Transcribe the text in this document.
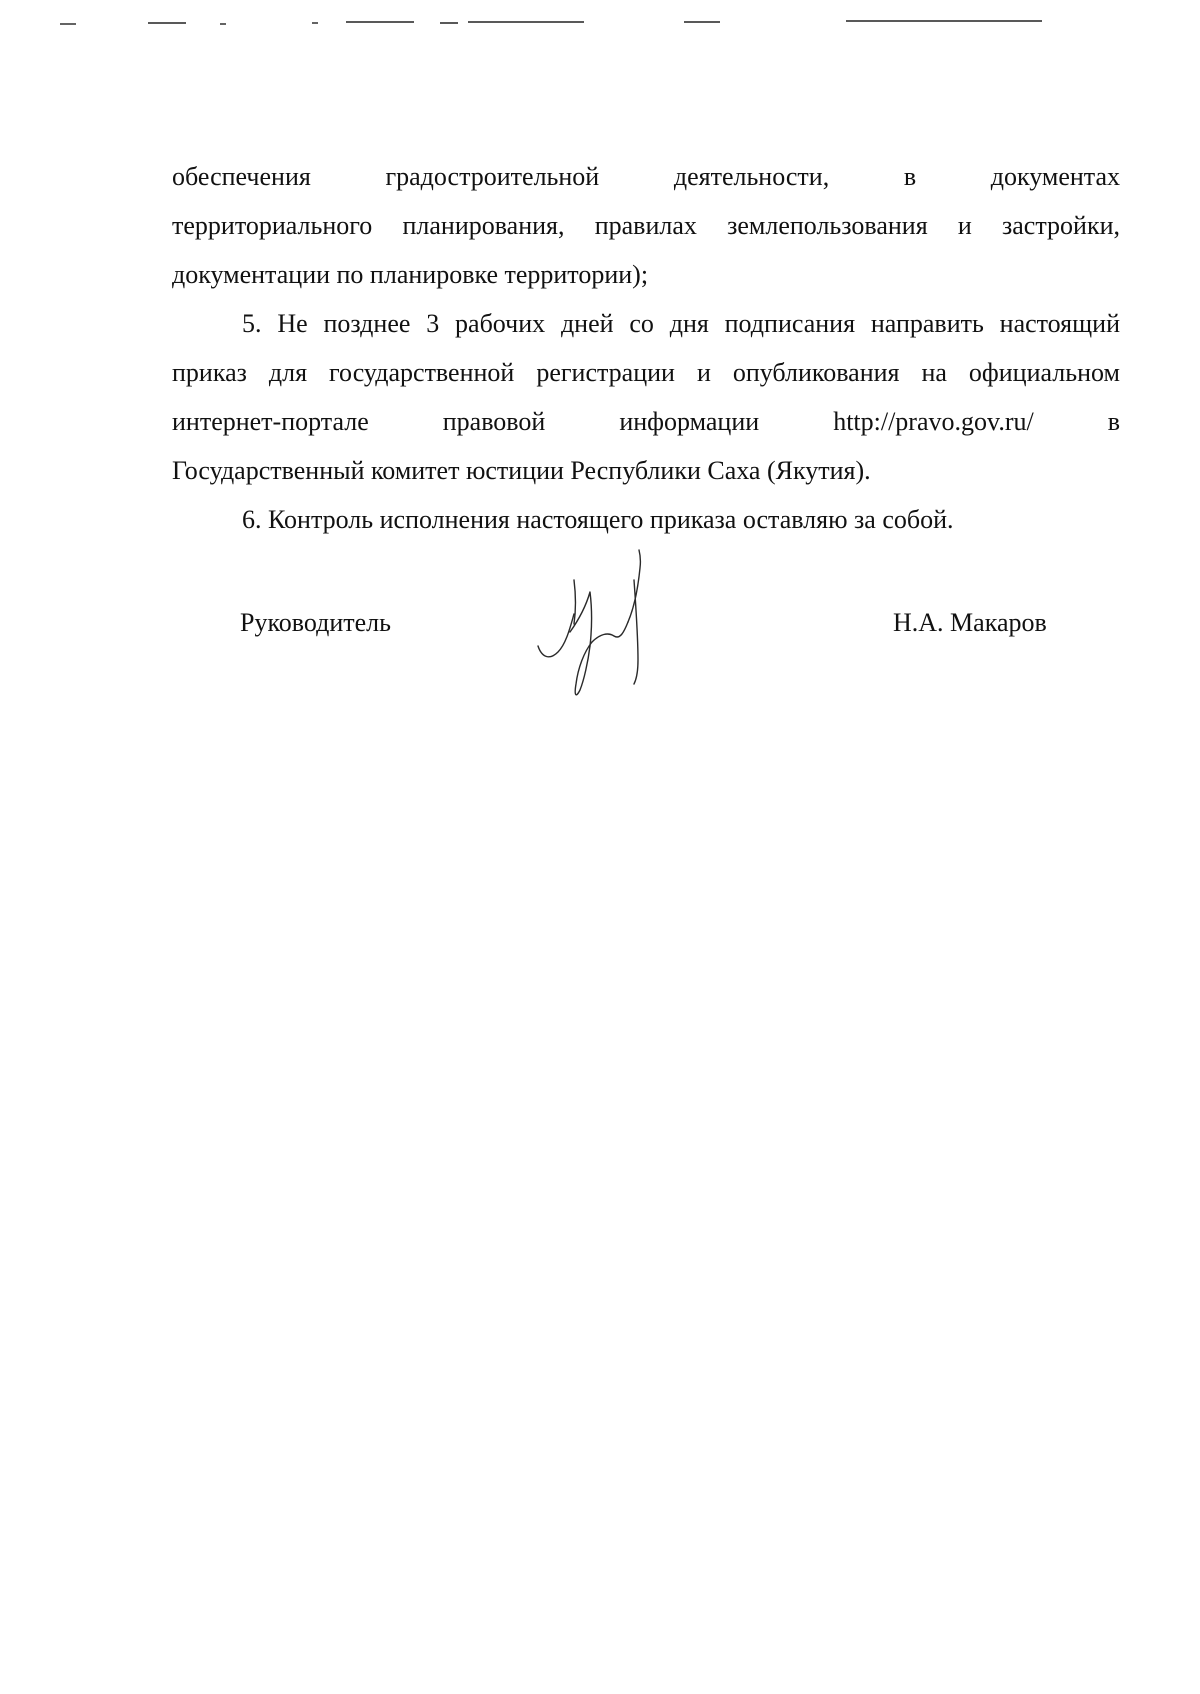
обеспечения градостроительной деятельности, в документах
территориального планирования, правилах землепользования и застройки,
документации по планировке территории);
5. Не позднее 3 рабочих дней со дня подписания направить настоящий
приказ для государственной регистрации и опубликования на официальном
интернет-портале правовой информации http://pravo.gov.ru/ в
Государственный комитет юстиции Республики Саха (Якутия).
6. Контроль исполнения настоящего приказа оставляю за собой.
Руководитель	Н.А. Макаров
